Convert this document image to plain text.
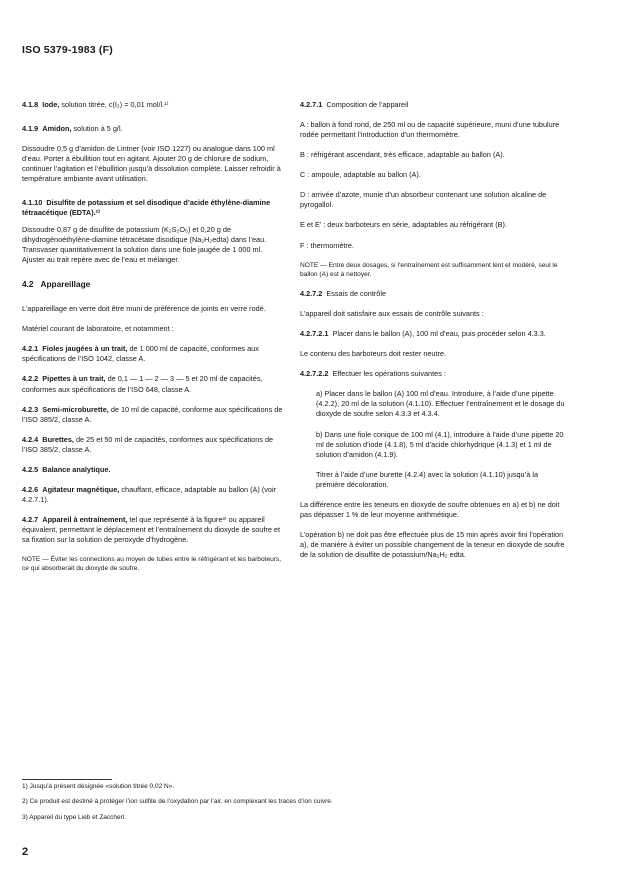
ISO 5379-1983 (F)

4.1.8 Iode, solution titrée, c(I₂) = 0,01 mol/l.¹⁾

4.1.9 Amidon, solution à 5 g/l.

Dissoudre 0,5 g d’amidon de Lintner (voir ISO 1227) ou analogue dans 100 ml d’eau. Porter à ébullition tout en agitant. Ajouter 20 g de chlorure de sodium, continuer l’agitation et l’ébullition jusqu’à dissolution complète. Laisser refroidir à température ambiante avant utilisation.

4.1.10 Disulfite de potassium et sel disodique d’acide éthylène-diamine tétraacétique (EDTA).²⁾

Dissoudre 0,87 g de disulfite de potassium (K₂S₂O₅) et 0,20 g de dihydrogénoéthylène-diamine tétracétate disodique (Na₂H₂edta) dans l’eau. Transvaser quantitativement la solution dans une fiole jaugée de 1 000 ml. Ajuster au trait repère avec de l’eau et mélanger.

4.2 Appareillage

L’appareillage en verre doit être muni de préférence de joints en verre rodé.

Matériel courant de laboratoire, et notamment :

4.2.1 Fioles jaugées à un trait, de 1 000 ml de capacité, conformes aux spécifications de l’ISO 1042, classe A.

4.2.2 Pipettes à un trait, de 0,1 — 1 — 2 — 3 — 5 et 20 ml de capacités, conformes aux spécifications de l’ISO 648, classe A.

4.2.3 Semi-microburette, de 10 ml de capacité, conforme aux spécifications de l’ISO 385/2, classe A.

4.2.4 Burettes, de 25 et 50 ml de capacités, conformes aux spécifications de l’ISO 385/2, classe A.

4.2.5 Balance analytique.

4.2.6 Agitateur magnétique, chauffant, efficace, adaptable au ballon (A) (voir 4.2.7.1).

4.2.7 Appareil à entraînement, tel que représenté à la figure³⁾ ou appareil équivalent, permettant le déplacement et l’entraînement du dioxyde de soufre et sa fixation sur la solution de peroxyde d’hydrogène.

NOTE — Éviter les connections au moyen de tubes entre le réfrigérant et les barboteurs, ce qui absorberait du dioxyde de soufre.

4.2.7.1 Composition de l’appareil

A : ballon à fond rond, de 250 ml ou de capacité supérieure, muni d’une tubulure rodée permettant l’introduction d’un thermomètre.

B : réfrigérant ascendant, très efficace, adaptable au ballon (A).

C : ampoule, adaptable au ballon (A).

D : arrivée d’azote, munie d’un absorbeur contenant une solution alcaline de pyrogallol.

E et E’ : deux barboteurs en série, adaptables au réfrigérant (B).

F : thermomètre.

NOTE — Entre deux dosages, si l’entraînement est suffisamment lent et modéré, seul le ballon (A) est à nettoyer.

4.2.7.2 Essais de contrôle

L’appareil doit satisfaire aux essais de contrôle suivants :

4.2.7.2.1 Placer dans le ballon (A), 100 ml d’eau, puis procéder selon 4.3.3.

Le contenu des barboteurs doit rester neutre.

4.2.7.2.2 Effectuer les opérations suivantes :

a) Placer dans le ballon (A) 100 ml d’eau. Introduire, à l’aide d’une pipette (4.2.2), 20 ml de la solution (4.1.10). Effectuer l’entraînement et le dosage du dioxyde de soufre selon 4.3.3 et 4.3.4.

b) Dans une fiole conique de 100 ml (4.1), introduire à l’aide d’une pipette 20 ml de solution d’iode (4.1.8), 5 ml d’acide chlorhydrique (4.1.3) et 1 ml de solution d’amidon (4.1.9).

Titrer à l’aide d’une burette (4.2.4) avec la solution (4.1.10) jusqu’à la première décoloration.

La différence entre les teneurs en dioxyde de soufre obtenues en a) et b) ne doit pas dépasser 1 % de leur moyenne arithmétique.

L’opération b) ne doit pas être effectuée plus de 15 min après avoir fini l’opération a), de manière à éviter un possible changement de la teneur en dioxyde de soufre de la solution de disulfite de potassium/Na₂H₂ edta.

1) Jusqu’à présent désignée «solution titrée 0,02 N».
2) Ce produit est destiné à protéger l’ion sulfite de l’oxydation par l’air, en complexant les traces d’ion cuivre.
3) Appareil du type Lieb et Zaccherl.
2
